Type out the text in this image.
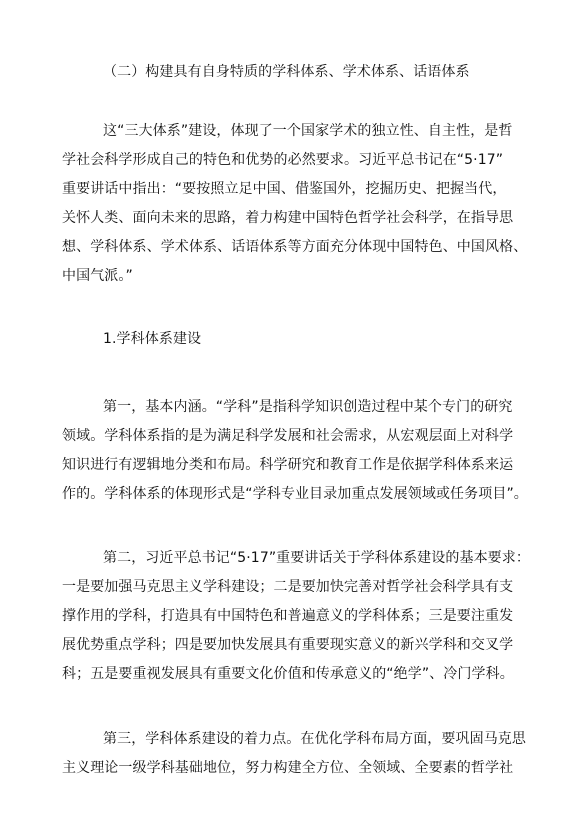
（二）构建具有自身特质的学科体系、学术体系、话语体系
这“三大体系”建设，体现了一个国家学术的独立性、自主性，是哲
学社会科学形成自己的特色和优势的必然要求。习近平总书记在“5·17”
重要讲话中指出：“要按照立足中国、借鉴国外，挖掘历史、把握当代，
关怀人类、面向未来的思路，着力构建中国特色哲学社会科学，在指导思
想、学科体系、学术体系、话语体系等方面充分体现中国特色、中国风格、
中国气派。”
1.学科体系建设
第一，基本内涵。“学科”是指科学知识创造过程中某个专门的研究
领域。学科体系指的是为满足科学发展和社会需求，从宏观层面上对科学
知识进行有逻辑地分类和布局。科学研究和教育工作是依据学科体系来运
作的。学科体系的体现形式是“学科专业目录加重点发展领域或任务项目”。
第二，习近平总书记“5·17”重要讲话关于学科体系建设的基本要求：
一是要加强马克思主义学科建设；二是要加快完善对哲学社会科学具有支
撑作用的学科，打造具有中国特色和普遍意义的学科体系；三是要注重发
展优势重点学科；四是要加快发展具有重要现实意义的新兴学科和交叉学
科；五是要重视发展具有重要文化价值和传承意义的“绝学”、冷门学科。
第三，学科体系建设的着力点。在优化学科布局方面，要巩固马克思
主义理论一级学科基础地位，努力构建全方位、全领域、全要素的哲学社
